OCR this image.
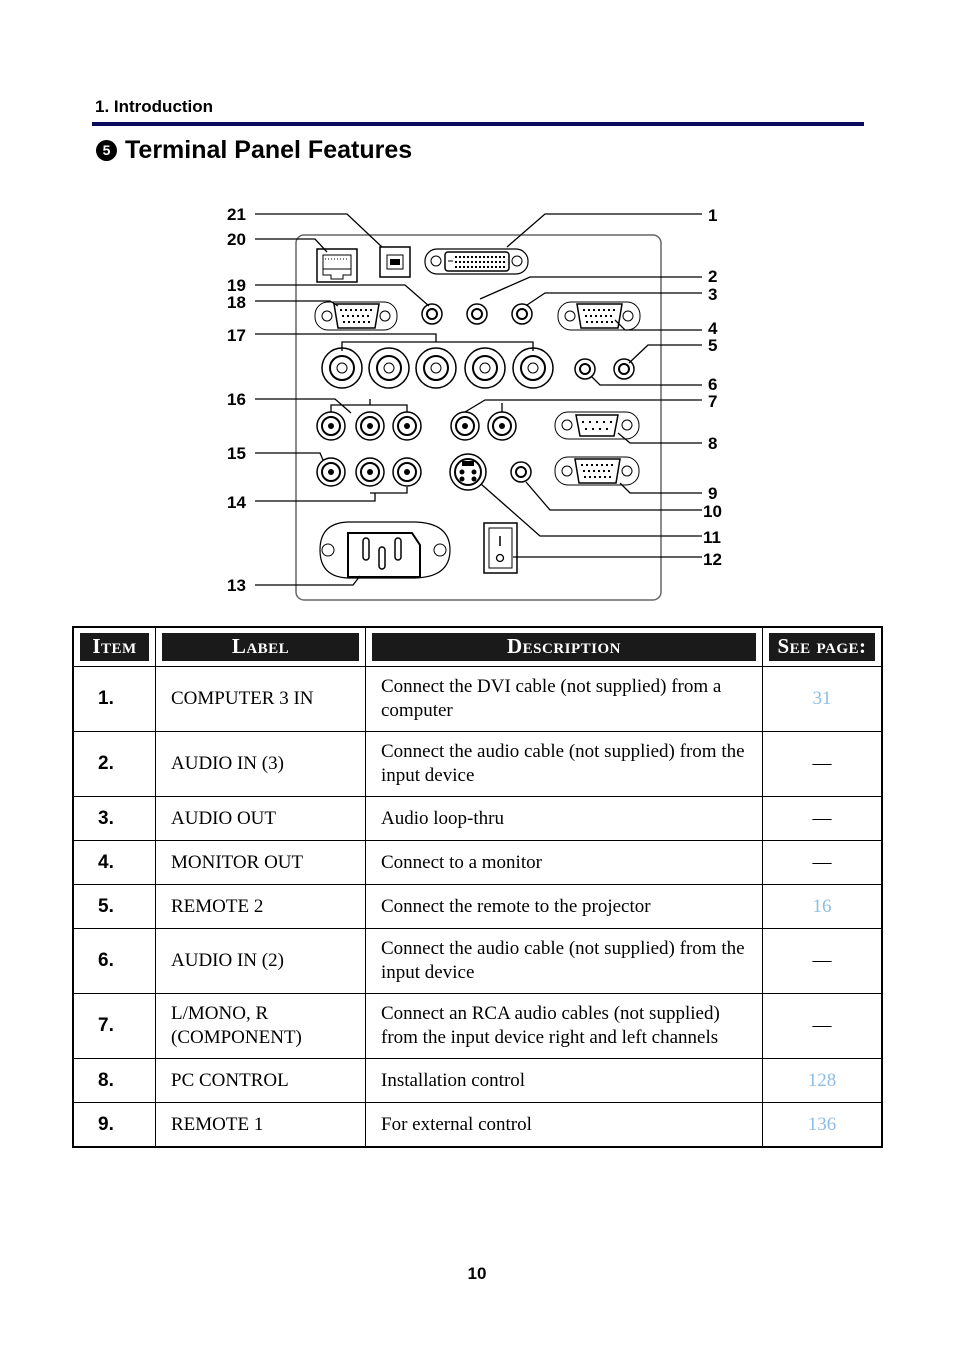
1. Introduction
5 Terminal Panel Features
21
20
19
18
17
16
15
14
13
1
2
3
4
5
6
7
8
9
10
11
12
Item	Label	Description	See page:

1.	COMPUTER 3 IN	Connect the DVI cable (not supplied) from a computer	31
2.	AUDIO IN (3)	Connect the audio cable (not supplied) from the input device	—
3.	AUDIO OUT	Audio loop-thru	—
4.	MONITOR OUT	Connect to a monitor	—
5.	REMOTE 2	Connect the remote to the projector	16
6.	AUDIO IN (2)	Connect the audio cable (not supplied) from the input device	—
7.	L/MONO, R (COMPONENT)	Connect an RCA audio cables (not supplied) from the input device right and left channels	—
8.	PC CONTROL	Installation control	128
9.	REMOTE 1	For external control	136
10
